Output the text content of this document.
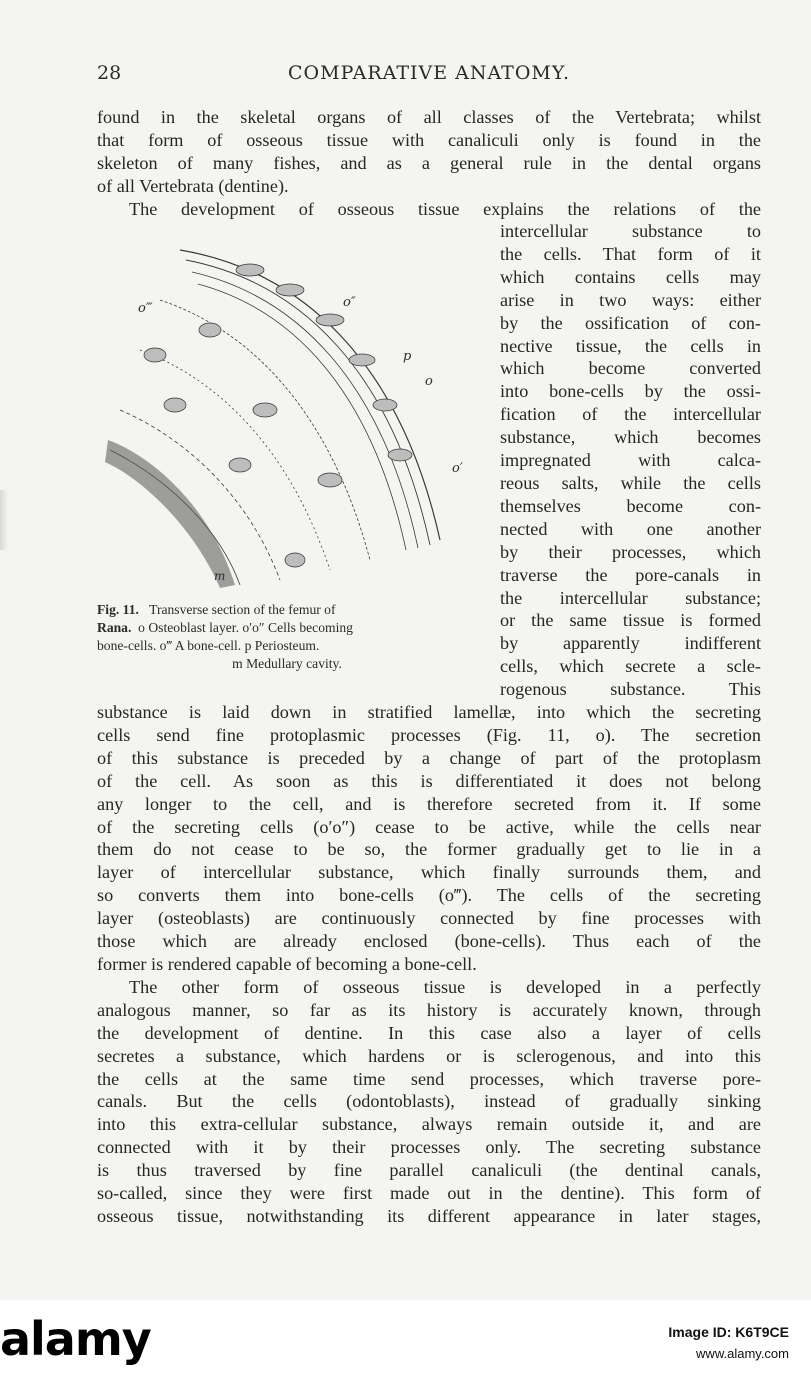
28	COMPARATIVE ANATOMY.

found in the skeletal organs of all classes of the Vertebrata; whilst

that form of osseous tissue with canaliculi only is found in the

skeleton of many fishes, and as a general rule in the dental organs

of all Vertebrata (dentine).

The development of osseous tissue explains the relations of the

intercellular substance to

the cells. That form of it

which contains cells may

arise in two ways: either

by the ossification of con-

nective tissue, the cells in

which become converted

into bone-cells by the ossi-

fication of the intercellular

substance, which becomes

impregnated with calca-

reous salts, while the cells

themselves become con-

nected with one another

by their processes, which

traverse the pore-canals in

the intercellular substance;

or the same tissue is formed

by apparently indifferent

cells, which secrete a scle-

rogenous substance. This

o‴	o″
p
o
o′
m
Fig. 11. Transverse section of the femur of
Rana. o Osteoblast layer. o′o″ Cells becoming
bone-cells. o‴ A bone-cell. p Periosteum.
m Medullary cavity.

substance is laid down in stratified lamellæ, into which the secreting

cells send fine protoplasmic processes (Fig. 11, o). The secretion

of this substance is preceded by a change of part of the protoplasm

of the cell. As soon as this is differentiated it does not belong

any longer to the cell, and is therefore secreted from it. If some

of the secreting cells (o′o″) cease to be active, while the cells near

them do not cease to be so, the former gradually get to lie in a

layer of intercellular substance, which finally surrounds them, and

so converts them into bone-cells (o‴). The cells of the secreting

layer (osteoblasts) are continuously connected by fine processes with

those which are already enclosed (bone-cells). Thus each of the

former is rendered capable of becoming a bone-cell.

The other form of osseous tissue is developed in a perfectly

analogous manner, so far as its history is accurately known, through

the development of dentine. In this case also a layer of cells

secretes a substance, which hardens or is sclerogenous, and into this

the cells at the same time send processes, which traverse pore-

canals. But the cells (odontoblasts), instead of gradually sinking

into this extra-cellular substance, always remain outside it, and are

connected with it by their processes only. The secreting substance

is thus traversed by fine parallel canaliculi (the dentinal canals,

so-called, since they were first made out in the dentine). This form of

osseous tissue, notwithstanding its different appearance in later stages,

alamy	Image ID: K6T9CE
www.alamy.com
